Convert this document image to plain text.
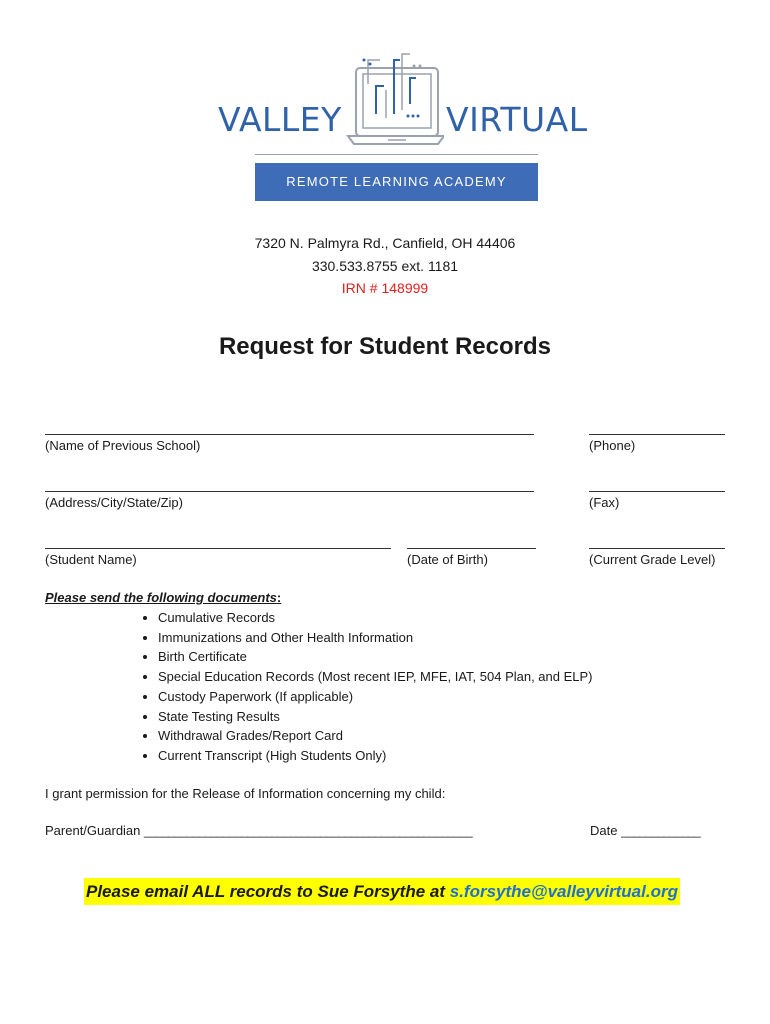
VALLEY	VIRTUAL
REMOTE LEARNING ACADEMY
7320 N. Palmyra Rd., Canfield, OH 44406
330.533.8755 ext. 1181
IRN # 148999
Request for Student Records
(Name of Previous School)	(Phone)
(Address/City/State/Zip)	(Fax)
(Student Name)	(Date of Birth)	(Current Grade Level)
Please send the following documents:
• Cumulative Records
• Immunizations and Other Health Information
• Birth Certificate
• Special Education Records (Most recent IEP, MFE, IAT, 504 Plan, and ELP)
• Custody Paperwork (If applicable)
• State Testing Results
• Withdrawal Grades/Report Card
• Current Transcript (High Students Only)
I grant permission for the Release of Information concerning my child:
Parent/Guardian ______________________________________________________	Date _____________
Please email ALL records to Sue Forsythe at s.forsythe@valleyvirtual.org
